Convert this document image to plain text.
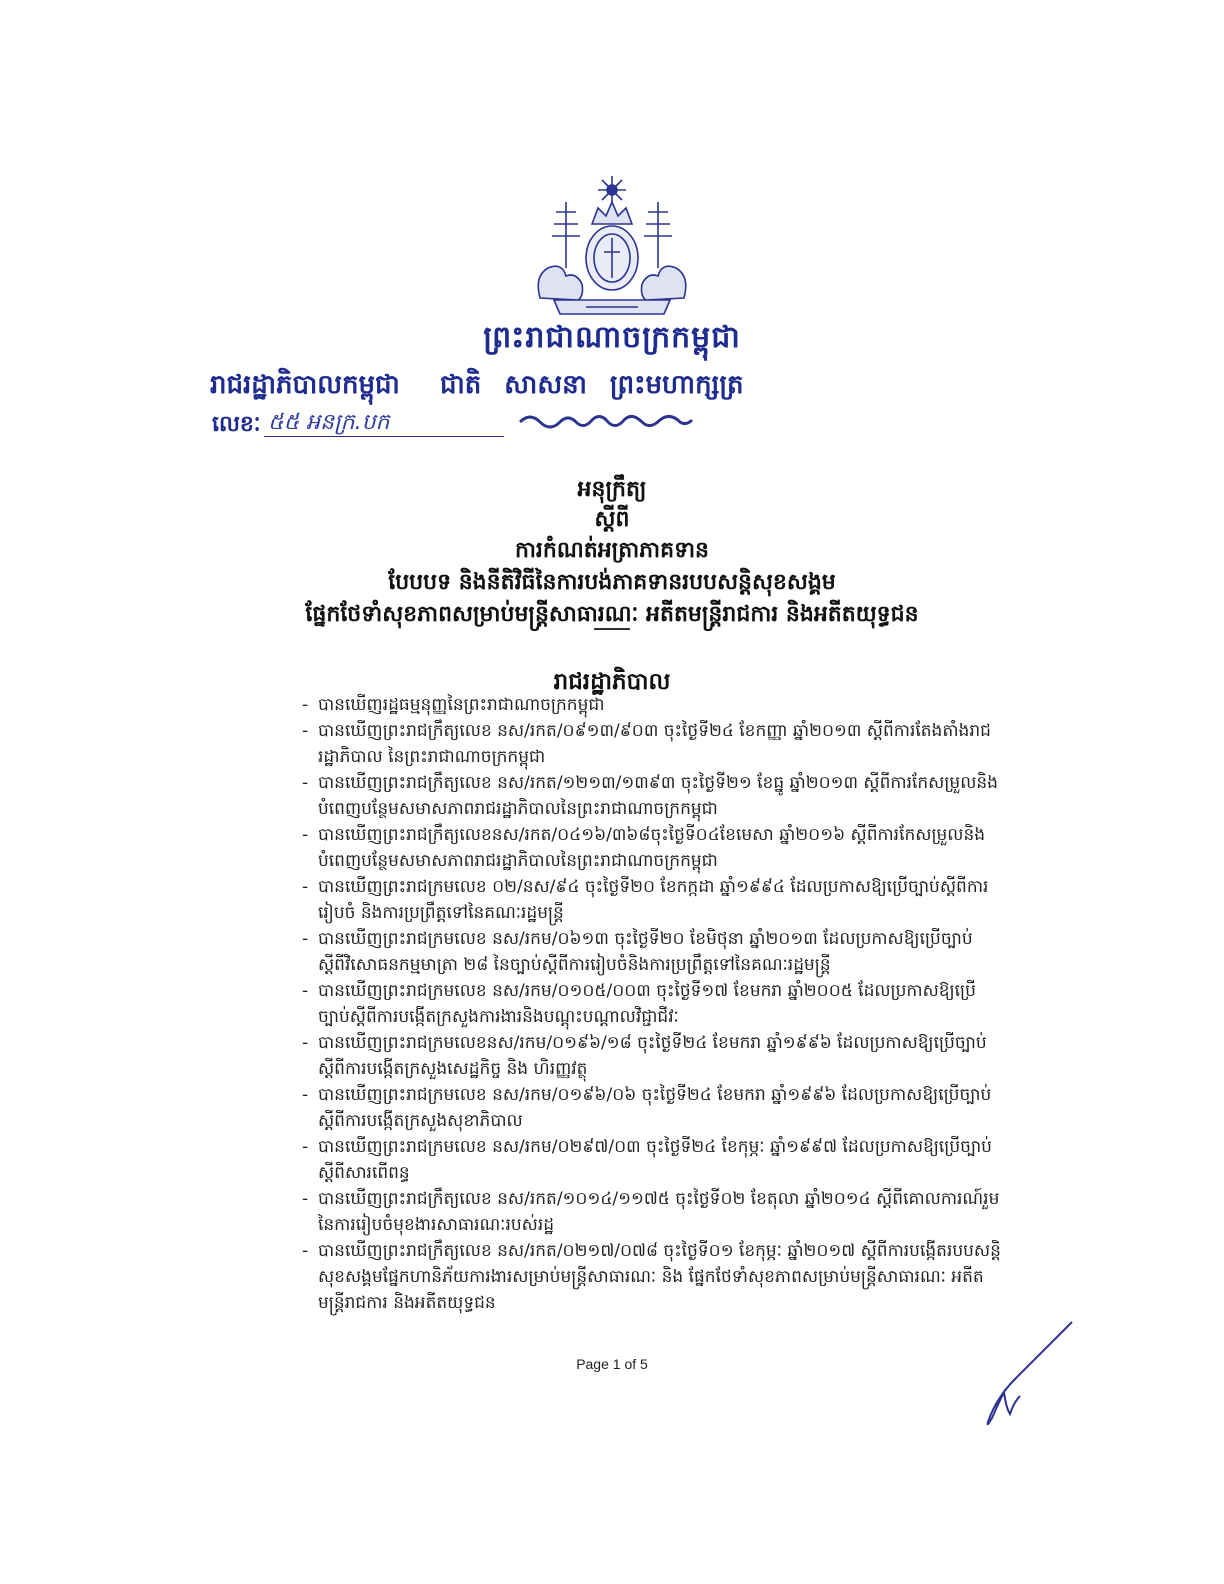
ព្រះរាជាណាចក្រកម្ពុជា
រាជរដ្ឋាភិបាលកម្ពុជា ជាតិ សាសនា ព្រះមហាក្សត្រ
លេខៈ ៥៥ អនក្រ.បក
អនុក្រឹត្យ
ស្តីពី
ការកំណត់អត្រាភាគទាន
បែបបទ និងនីតិវិធីនៃការបង់ភាគទានរបបសន្តិសុខសង្គម
ផ្នែកថែទាំសុខភាពសម្រាប់មន្ត្រីសាធារណៈ អតីតមន្ត្រីរាជការ និងអតីតយុទ្ធជន
រាជរដ្ឋាភិបាល
- បានឃើញរដ្ឋធម្មនុញ្ញនៃព្រះរាជាណាចក្រកម្ពុជា
- បានឃើញព្រះរាជក្រឹត្យលេខ នស/រកត/០៩១៣/៩០៣ ចុះថ្ងៃទី២៤ ខែកញ្ញា ឆ្នាំ២០១៣ ស្តីពីការតែងតាំងរាជរដ្ឋាភិបាល នៃព្រះរាជាណាចក្រកម្ពុជា
- បានឃើញព្រះរាជក្រឹត្យលេខ នស/រកត/១២១៣/១៣៩៣ ចុះថ្ងៃទី២១ ខែធ្នូ ឆ្នាំ២០១៣ ស្តីពីការកែសម្រួលនិងបំពេញបន្ថែមសមាសភាពរាជរដ្ឋាភិបាលនៃព្រះរាជាណាចក្រកម្ពុជា
- បានឃើញព្រះរាជក្រឹត្យលេខនស/រកត/០៤១៦/៣៦៨ចុះថ្ងៃទី០៤ខែមេសា ឆ្នាំ២០១៦ ស្តីពីការកែសម្រួលនិងបំពេញបន្ថែមសមាសភាពរាជរដ្ឋាភិបាលនៃព្រះរាជាណាចក្រកម្ពុជា
- បានឃើញព្រះរាជក្រមលេខ ០២/នស/៩៤ ចុះថ្ងៃទី២០ ខែកក្កដា ឆ្នាំ១៩៩៤ ដែលប្រកាសឱ្យប្រើច្បាប់ស្តីពីការរៀបចំ និងការប្រព្រឹត្តទៅនៃគណៈរដ្ឋមន្ត្រី
- បានឃើញព្រះរាជក្រមលេខ នស/រកម/០៦១៣ ចុះថ្ងៃទី២០ ខែមិថុនា ឆ្នាំ២០១៣ ដែលប្រកាសឱ្យប្រើច្បាប់ស្តីពីវិសោធនកម្មមាត្រា ២៨ នៃច្បាប់ស្តីពីការរៀបចំនិងការប្រព្រឹត្តទៅនៃគណៈរដ្ឋមន្ត្រី
- បានឃើញព្រះរាជក្រមលេខ នស/រកម/០១០៥/០០៣ ចុះថ្ងៃទី១៧ ខែមករា ឆ្នាំ២០០៥ ដែលប្រកាសឱ្យប្រើច្បាប់ស្តីពីការបង្កើតក្រសួងការងារនិងបណ្តុះបណ្តាលវិជ្ជាជីវៈ
- បានឃើញព្រះរាជក្រមលេខនស/រកម/០១៩៦/១៨ ចុះថ្ងៃទី២៤ ខែមករា ឆ្នាំ១៩៩៦ ដែលប្រកាសឱ្យប្រើច្បាប់ស្តីពីការបង្កើតក្រសួងសេដ្ឋកិច្ច និង ហិរញ្ញវត្ថុ
- បានឃើញព្រះរាជក្រមលេខ នស/រកម/០១៩៦/០៦ ចុះថ្ងៃទី២៤ ខែមករា ឆ្នាំ១៩៩៦ ដែលប្រកាសឱ្យប្រើច្បាប់ស្តីពីការបង្កើតក្រសួងសុខាភិបាល
- បានឃើញព្រះរាជក្រមលេខ នស/រកម/០២៩៧/០៣ ចុះថ្ងៃទី២៤ ខែកុម្ភៈ ឆ្នាំ១៩៩៧ ដែលប្រកាសឱ្យប្រើច្បាប់ស្តីពីសារពើពន្ធ
- បានឃើញព្រះរាជក្រឹត្យលេខ នស/រកត/១០១៤/១១៧៥ ចុះថ្ងៃទី០២ ខែតុលា ឆ្នាំ២០១៤ ស្តីពីគោលការណ៍រួមនៃការរៀបចំមុខងារសាធារណៈរបស់រដ្ឋ
- បានឃើញព្រះរាជក្រឹត្យលេខ នស/រកត/០២១៧/០៧៨ ចុះថ្ងៃទី០១ ខែកុម្ភៈ ឆ្នាំ២០១៧ ស្តីពីការបង្កើតរបបសន្តិសុខសង្គមផ្នែកហានិភ័យការងារសម្រាប់មន្ត្រីសាធារណៈ និង ផ្នែកថែទាំសុខភាពសម្រាប់មន្ត្រីសាធារណៈ អតីតមន្ត្រីរាជការ និងអតីតយុទ្ធជន
Page 1 of 5
